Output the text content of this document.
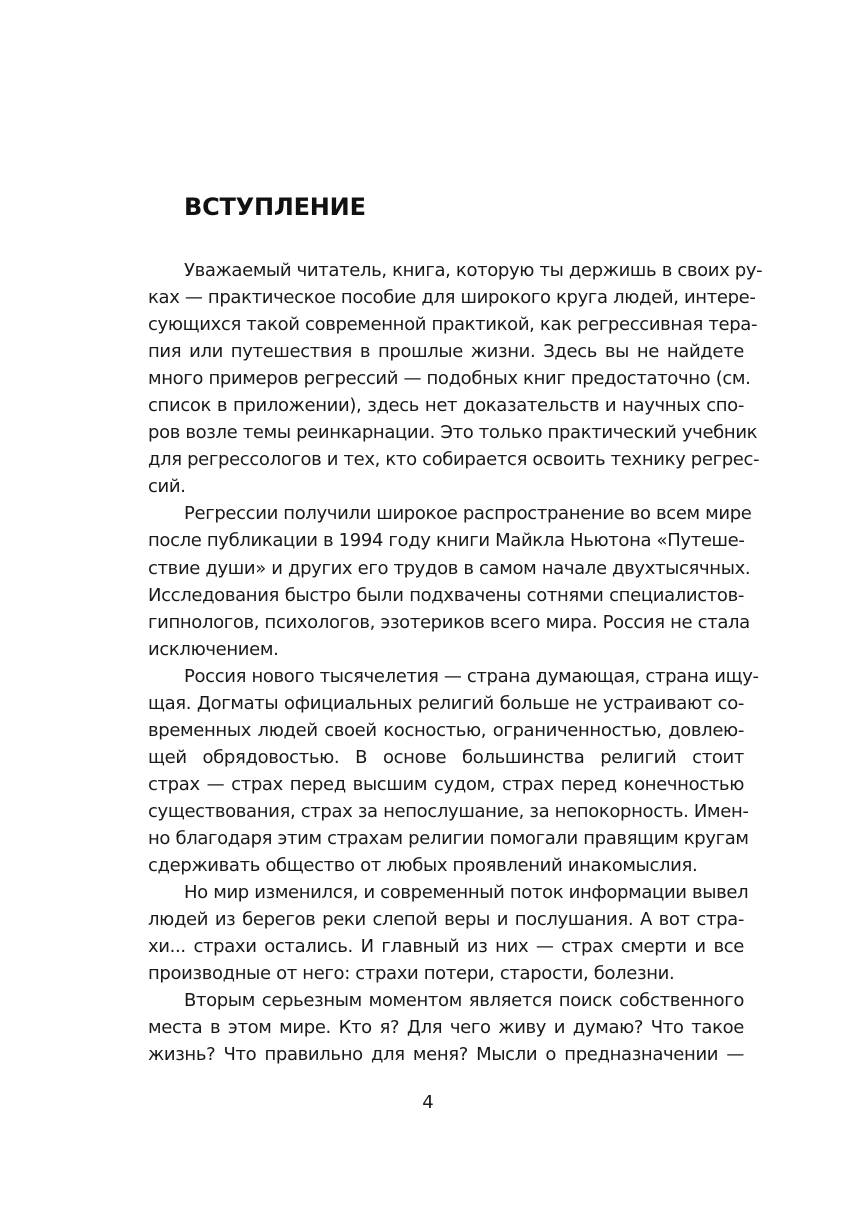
ВСТУПЛЕНИЕ
Уважаемый читатель, книга, которую ты держишь в своих ру-
ках — практическое пособие для широкого круга людей, интере-
сующихся такой современной практикой, как регрессивная тера-
пия или путешествия в прошлые жизни. Здесь вы не найдете
много примеров регрессий — подобных книг предостаточно (см.
список в приложении), здесь нет доказательств и научных спо-
ров возле темы реинкарнации. Это только практический учебник
для регрессологов и тех, кто собирается освоить технику регрес-
сий.
Регрессии получили широкое распространение во всем мире
после публикации в 1994 году книги Майкла Ньютона «Путеше-
ствие души» и других его трудов в самом начале двухтысячных.
Исследования быстро были подхвачены сотнями специалистов-
гипнологов, психологов, эзотериков всего мира. Россия не стала
исключением.
Россия нового тысячелетия — страна думающая, страна ищу-
щая. Догматы официальных религий больше не устраивают со-
временных людей своей косностью, ограниченностью, довлею-
щей обрядовостью. В основе большинства религий стоит
страх — страх перед высшим судом, страх перед конечностью
существования, страх за непослушание, за непокорность. Имен-
но благодаря этим страхам религии помогали правящим кругам
сдерживать общество от любых проявлений инакомыслия.
Но мир изменился, и современный поток информации вывел
людей из берегов реки слепой веры и послушания. А вот стра-
хи... страхи остались. И главный из них — страх смерти и все
производные от него: страхи потери, старости, болезни.
Вторым серьезным моментом является поиск собственного
места в этом мире. Кто я? Для чего живу и думаю? Что такое
жизнь? Что правильно для меня? Мысли о предназначении —
4
